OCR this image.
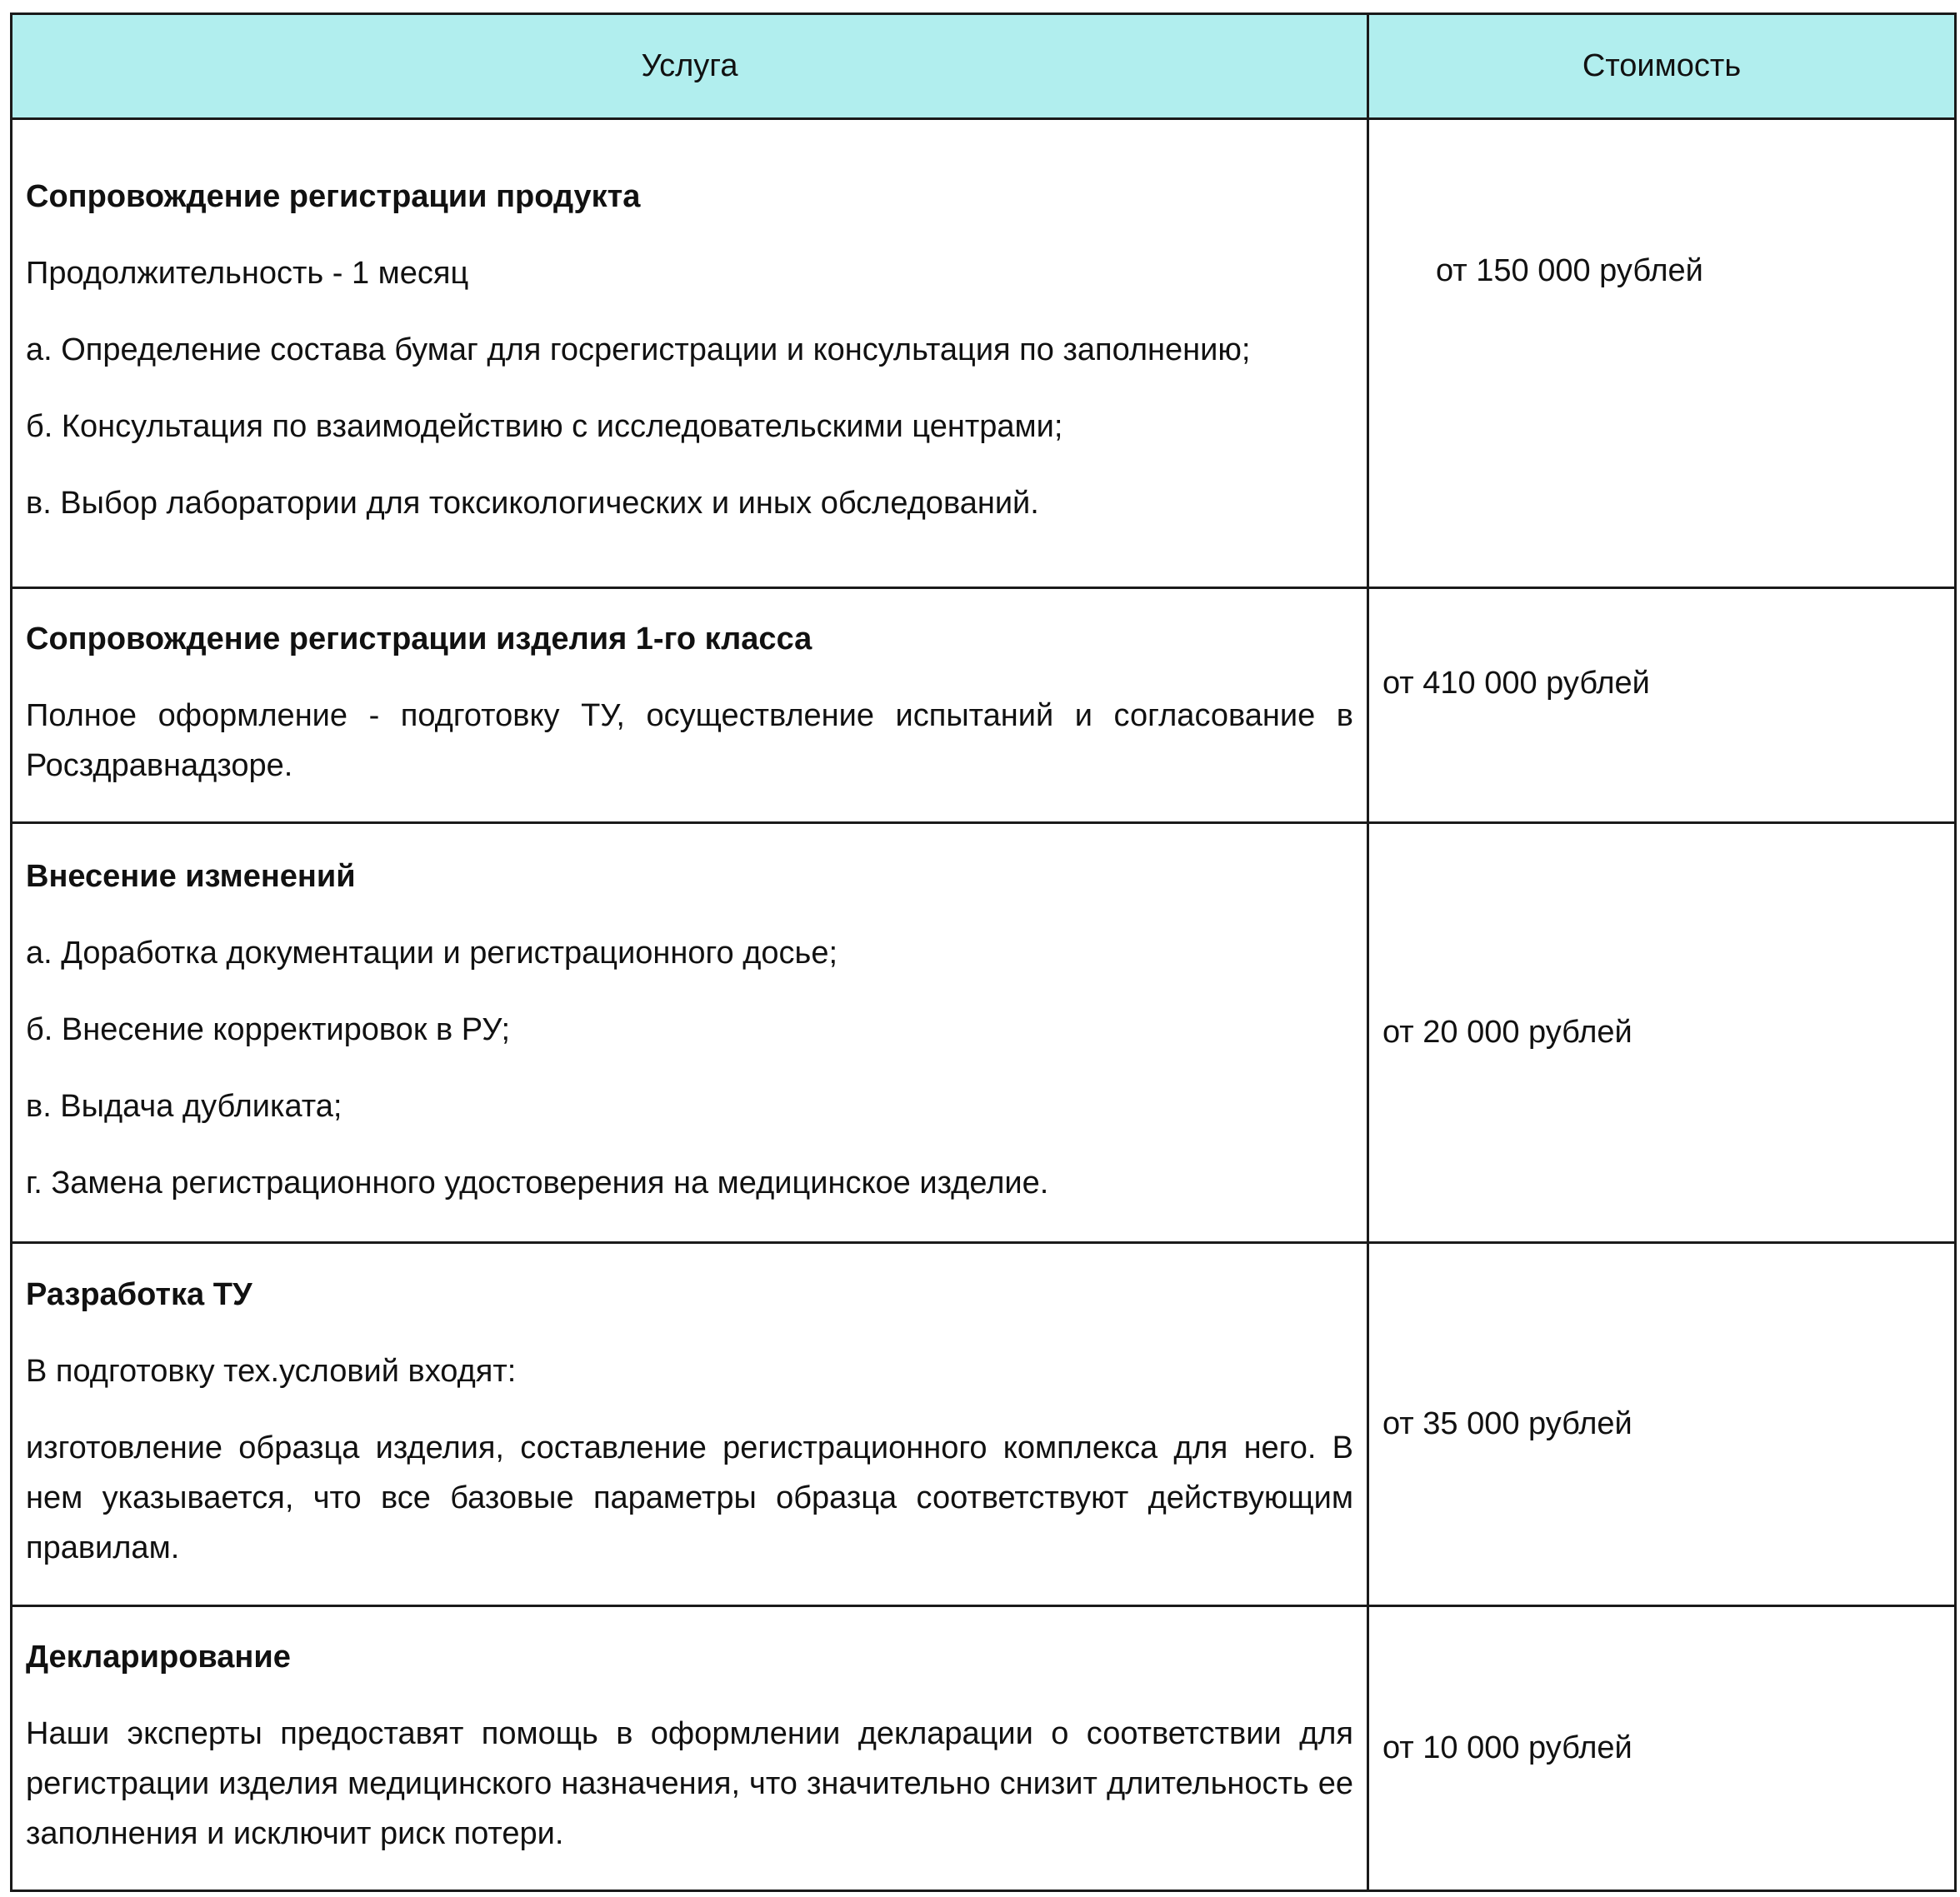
Услуга	Стоимость

Сопровождение регистрации продукта

Продолжительность - 1 месяц

а. Определение состава бумаг для госрегистрации и консультация по заполнению;

б. Консультация по взаимодействию с исследовательскими центрами;

в. Выбор лаборатории для токсикологических и иных обследований.	от 150 000 рублей

Сопровождение регистрации изделия 1-го класса

Полное оформление - подготовку ТУ, осуществление испытаний и согласование в Росздравнадзоре.	от 410 000 рублей

Внесение изменений

а. Доработка документации и регистрационного досье;

б. Внесение корректировок в РУ;

в. Выдача дубликата;

г. Замена регистрационного удостоверения на медицинское изделие.	от 20 000 рублей

Разработка ТУ

В подготовку тех.условий входят:

изготовление образца изделия, составление регистрационного комплекса для него. В нем указывается, что все базовые параметры образца соответствуют действующим правилам.	от 35 000 рублей

Декларирование

Наши эксперты предоставят помощь в оформлении декларации о соответствии для регистрации изделия медицинского назначения, что значительно снизит длительность ее заполнения и исключит риск потери.	от 10 000 рублей
